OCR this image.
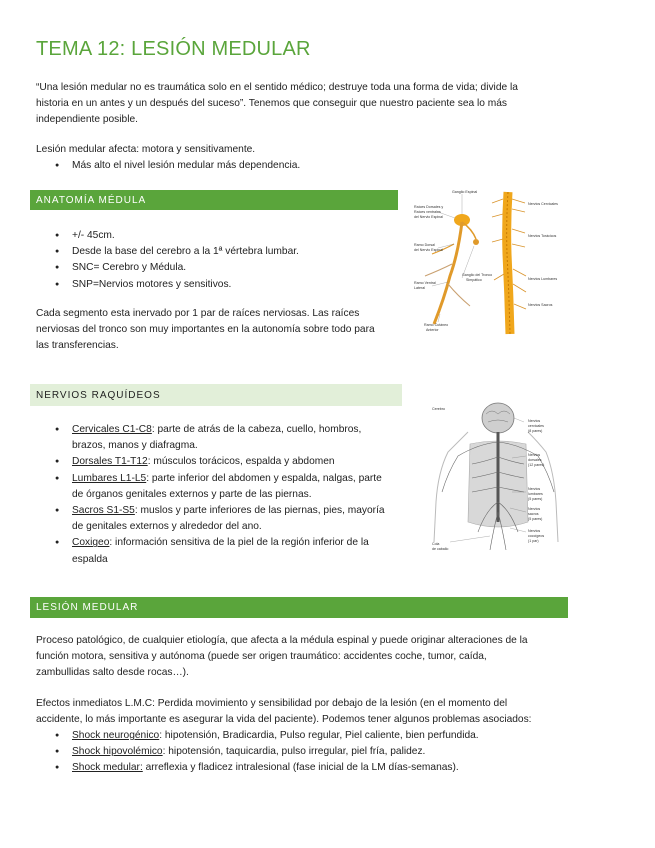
TEMA 12: LESIÓN MEDULAR

“Una lesión medular no es traumática solo en el sentido médico; destruye toda una forma de vida; divide la
historia en un antes y un después del suceso”. Tenemos que conseguir que nuestro paciente sea lo más
independiente posible.

Lesión medular afecta: motora y sensitivamente.

● Más alto el nivel lesión medular más dependencia.
ANATOMÍA MÉDULA
● +/- 45cm.
● Desde la base del cerebro a la 1ª vértebra lumbar.
● SNC= Cerebro y Médula.
● SNP=Nervios motores y sensitivos.

Cada segmento esta inervado por 1 par de raíces nerviosas. Las raíces
nerviosas del tronco son muy importantes en la autonomía sobre todo para
las transferencias.

Ganglio Espinal
Raíces Dorsales y
Raíces ventrales
del Nervio Espinal
Ramo Dorsal
del Nervio Espinal
Ganglio del Tronco
Simpático
Ramo Ventral
Lateral
Ramo Cutáneo
Anterior
Nervios Cervicales
Nervios Torácicos
Nervios Lumbares
Nervios Sacros
NERVIOS RAQUÍDEOS
● Cervicales C1-C8: parte de atrás de la cabeza, cuello, hombros,
brazos, manos y diafragma.
● Dorsales T1-T12: músculos torácicos, espalda y abdomen
● Lumbares L1-L5: parte inferior del abdomen y espalda, nalgas, parte
de órganos genitales externos y parte de las piernas.
● Sacros S1-S5: muslos y parte inferiores de las piernas, pies, mayoría
de genitales externos y alrededor del ano.
● Coxigeo: información sensitiva de la piel de la región inferior de la
espalda
Cerebro
Cola
de caballo
Nervios
cervicales
(8 pares)
Nervios
dorsales
(12 pares)
Nervios
lumbares
(5 pares)
Nervios
sacros
(5 pares)
Nervios
coccígeos
(1 par)
LESIÓN MEDULAR

Proceso patológico, de cualquier etiología, que afecta a la médula espinal y puede originar alteraciones de la
función motora, sensitiva y autónoma (puede ser origen traumático: accidentes coche, tumor, caída,
zambullidas salto desde rocas…).

Efectos inmediatos L.M.C: Perdida movimiento y sensibilidad por debajo de la lesión (en el momento del
accidente, lo más importante es asegurar la vida del paciente). Podemos tener algunos problemas asociados:

● Shock neurogénico: hipotensión, Bradicardia, Pulso regular, Piel caliente, bien perfundida.
● Shock hipovolémico: hipotensión, taquicardia, pulso irregular, piel fría, palidez.
● Shock medular: arreflexia y fladicez intralesional (fase inicial de la LM días-semanas).
